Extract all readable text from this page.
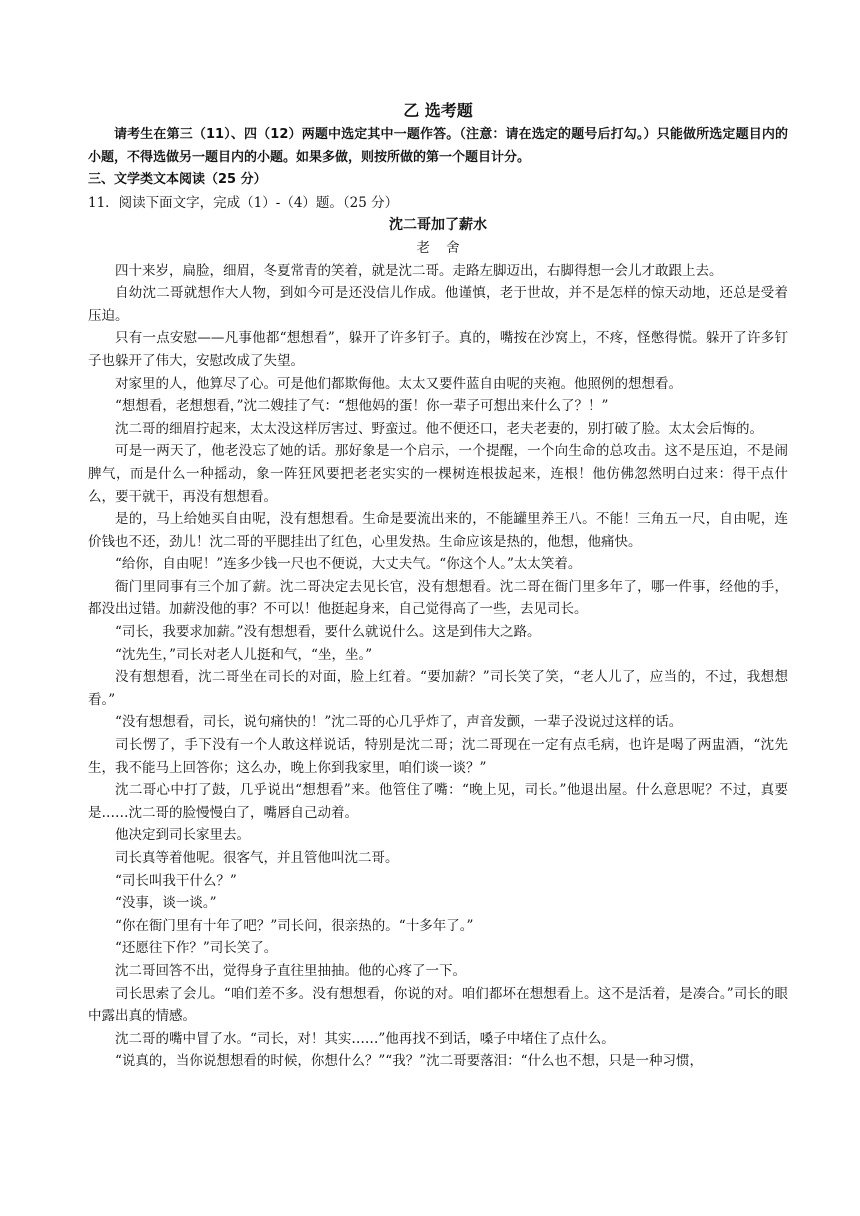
乙 选考题

请考生在第三（11）、四（12）两题中选定其中一题作答。（注意：请在选定的题号后打勾。）只能做所选定题目内的小题，不得选做另一题目内的小题。如果多做，则按所做的第一个题目计分。

三、文学类文本阅读（25 分）

11．阅读下面文字，完成（1）-（4）题。（25 分）

沈二哥加了薪水

老舍

四十来岁，扁脸，细眉，冬夏常青的笑着，就是沈二哥。走路左脚迈出，右脚得想一会儿才敢跟上去。

自幼沈二哥就想作大人物，到如今可是还没信儿作成。他谨慎，老于世故，并不是怎样的惊天动地，还总是受着压迫。

只有一点安慰——凡事他都“想想看”，躲开了许多钉子。真的，嘴按在沙窝上，不疼，怪憋得慌。躲开了许多钉子也躲开了伟大，安慰改成了失望。

对家里的人，他算尽了心。可是他们都欺侮他。太太又要件蓝自由呢的夹袍。他照例的想想看。

“想想看，老想想看，”沈二嫂挂了气：“想他妈的蛋！你一辈子可想出来什么了？！”

沈二哥的细眉拧起来，太太没这样厉害过、野蛮过。他不便还口，老夫老妻的，别打破了脸。太太会后悔的。

可是一两天了，他老没忘了她的话。那好象是一个启示，一个提醒，一个向生命的总攻击。这不是压迫，不是闹脾气，而是什么一种摇动，象一阵狂风要把老老实实的一棵树连根拔起来，连根！他仿佛忽然明白过来：得干点什么，要干就干，再没有想想看。

是的，马上给她买自由呢，没有想想看。生命是要流出来的，不能罐里养王八。不能！三角五一尺，自由呢，连价钱也不还，劲儿！沈二哥的平腮挂出了红色，心里发热。生命应该是热的，他想，他痛快。

“给你，自由呢！”连多少钱一尺也不便说，大丈夫气。“你这个人。”太太笑着。

衙门里同事有三个加了薪。沈二哥决定去见长官，没有想想看。沈二哥在衙门里多年了，哪一件事，经他的手，都没出过错。加薪没他的事？不可以！他挺起身来，自己觉得高了一些，去见司长。

“司长，我要求加薪。”没有想想看，要什么就说什么。这是到伟大之路。

“沈先生，”司长对老人儿挺和气，“坐，坐。”

没有想想看，沈二哥坐在司长的对面，脸上红着。“要加薪？”司长笑了笑，“老人儿了，应当的，不过，我想想看。”

“没有想想看，司长，说句痛快的！”沈二哥的心几乎炸了，声音发颤，一辈子没说过这样的话。

司长愣了，手下没有一个人敢这样说话，特别是沈二哥；沈二哥现在一定有点毛病，也许是喝了两盅酒，“沈先生，我不能马上回答你；这么办，晚上你到我家里，咱们谈一谈？”

沈二哥心中打了鼓，几乎说出“想想看”来。他管住了嘴：“晚上见，司长。”他退出屋。什么意思呢？不过，真要是……沈二哥的脸慢慢白了，嘴唇自己动着。

他决定到司长家里去。

司长真等着他呢。很客气，并且管他叫沈二哥。

“司长叫我干什么？”

“没事，谈一谈。”

“你在衙门里有十年了吧？”司长问，很亲热的。“十多年了。”

“还愿往下作？”司长笑了。

沈二哥回答不出，觉得身子直往里抽抽。他的心疼了一下。

司长思索了会儿。“咱们差不多。没有想想看，你说的对。咱们都坏在想想看上。这不是活着，是凑合。”司长的眼中露出真的情感。

沈二哥的嘴中冒了水。“司长，对！其实……”他再找不到话，嗓子中堵住了点什么。

“说真的，当你说想想看的时候，你想什么？”“我？”沈二哥要落泪：“什么也不想，只是一种习惯，
